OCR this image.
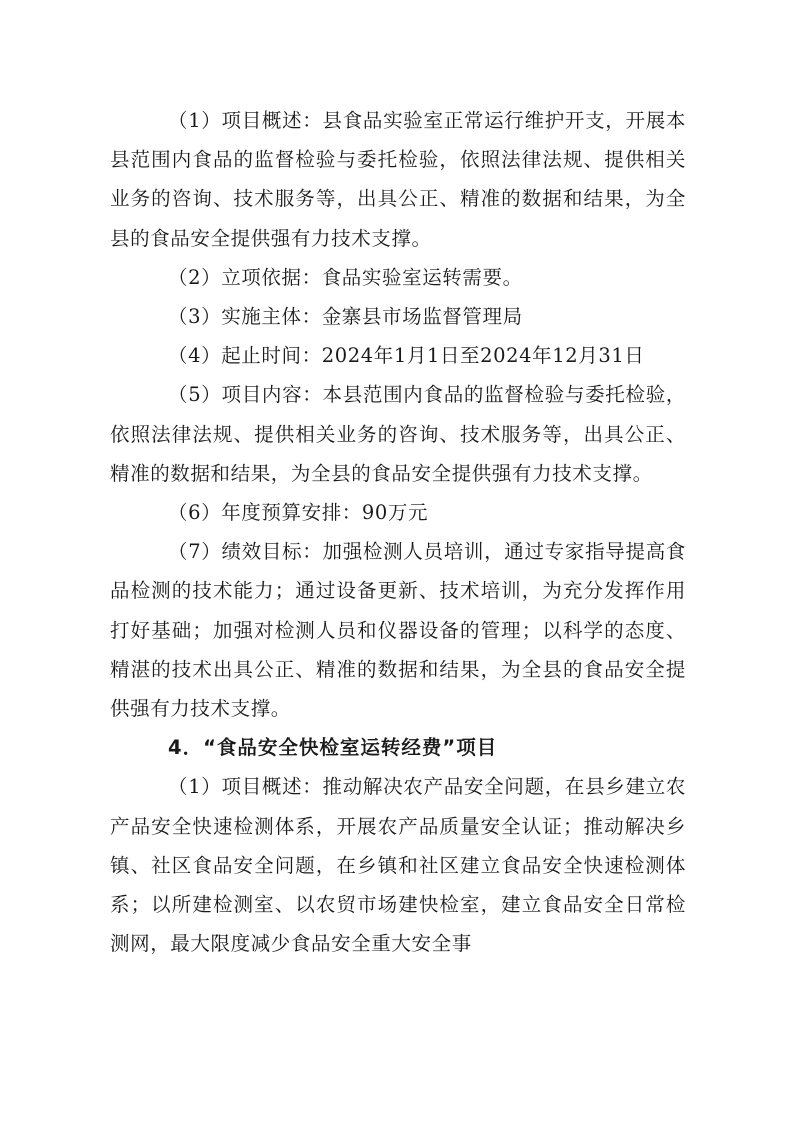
（1）项目概述：县食品实验室正常运行维护开支，开展本县范围内食品的监督检验与委托检验，依照法律法规、提供相关业务的咨询、技术服务等，出具公正、精准的数据和结果，为全县的食品安全提供强有力技术支撑。

（2）立项依据：食品实验室运转需要。

（3）实施主体：金寨县市场监督管理局

（4）起止时间：2024年1月1日至2024年12月31日

（5）项目内容：本县范围内食品的监督检验与委托检验，依照法律法规、提供相关业务的咨询、技术服务等，出具公正、精准的数据和结果，为全县的食品安全提供强有力技术支撑。

（6）年度预算安排：90万元

（7）绩效目标：加强检测人员培训，通过专家指导提高食品检测的技术能力；通过设备更新、技术培训，为充分发挥作用打好基础；加强对检测人员和仪器设备的管理；以科学的态度、精湛的技术出具公正、精准的数据和结果，为全县的食品安全提供强有力技术支撑。

4．“食品安全快检室运转经费”项目

（1）项目概述：推动解决农产品安全问题，在县乡建立农产品安全快速检测体系，开展农产品质量安全认证；推动解决乡镇、社区食品安全问题，在乡镇和社区建立食品安全快速检测体系；以所建检测室、以农贸市场建快检室，建立食品安全日常检测网，最大限度减少食品安全重大安全事
